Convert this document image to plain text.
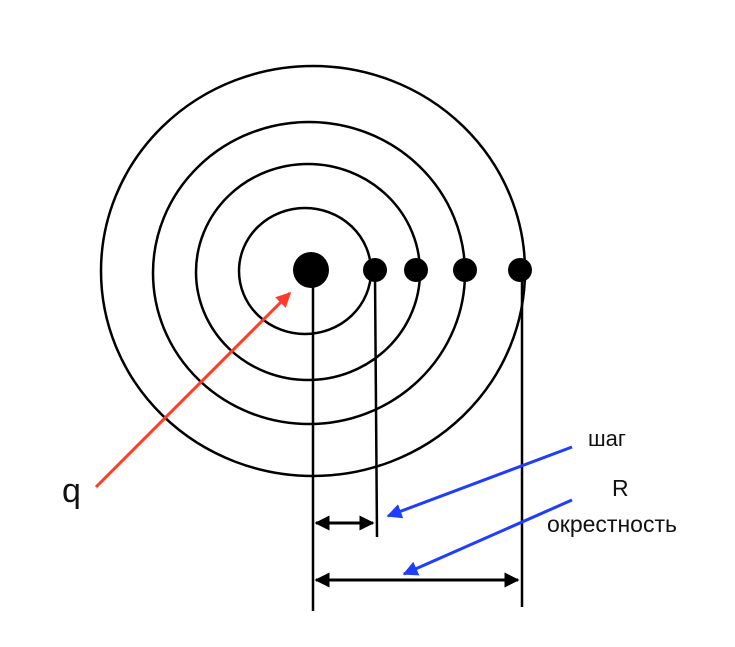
q
шаг
R
окрестность
